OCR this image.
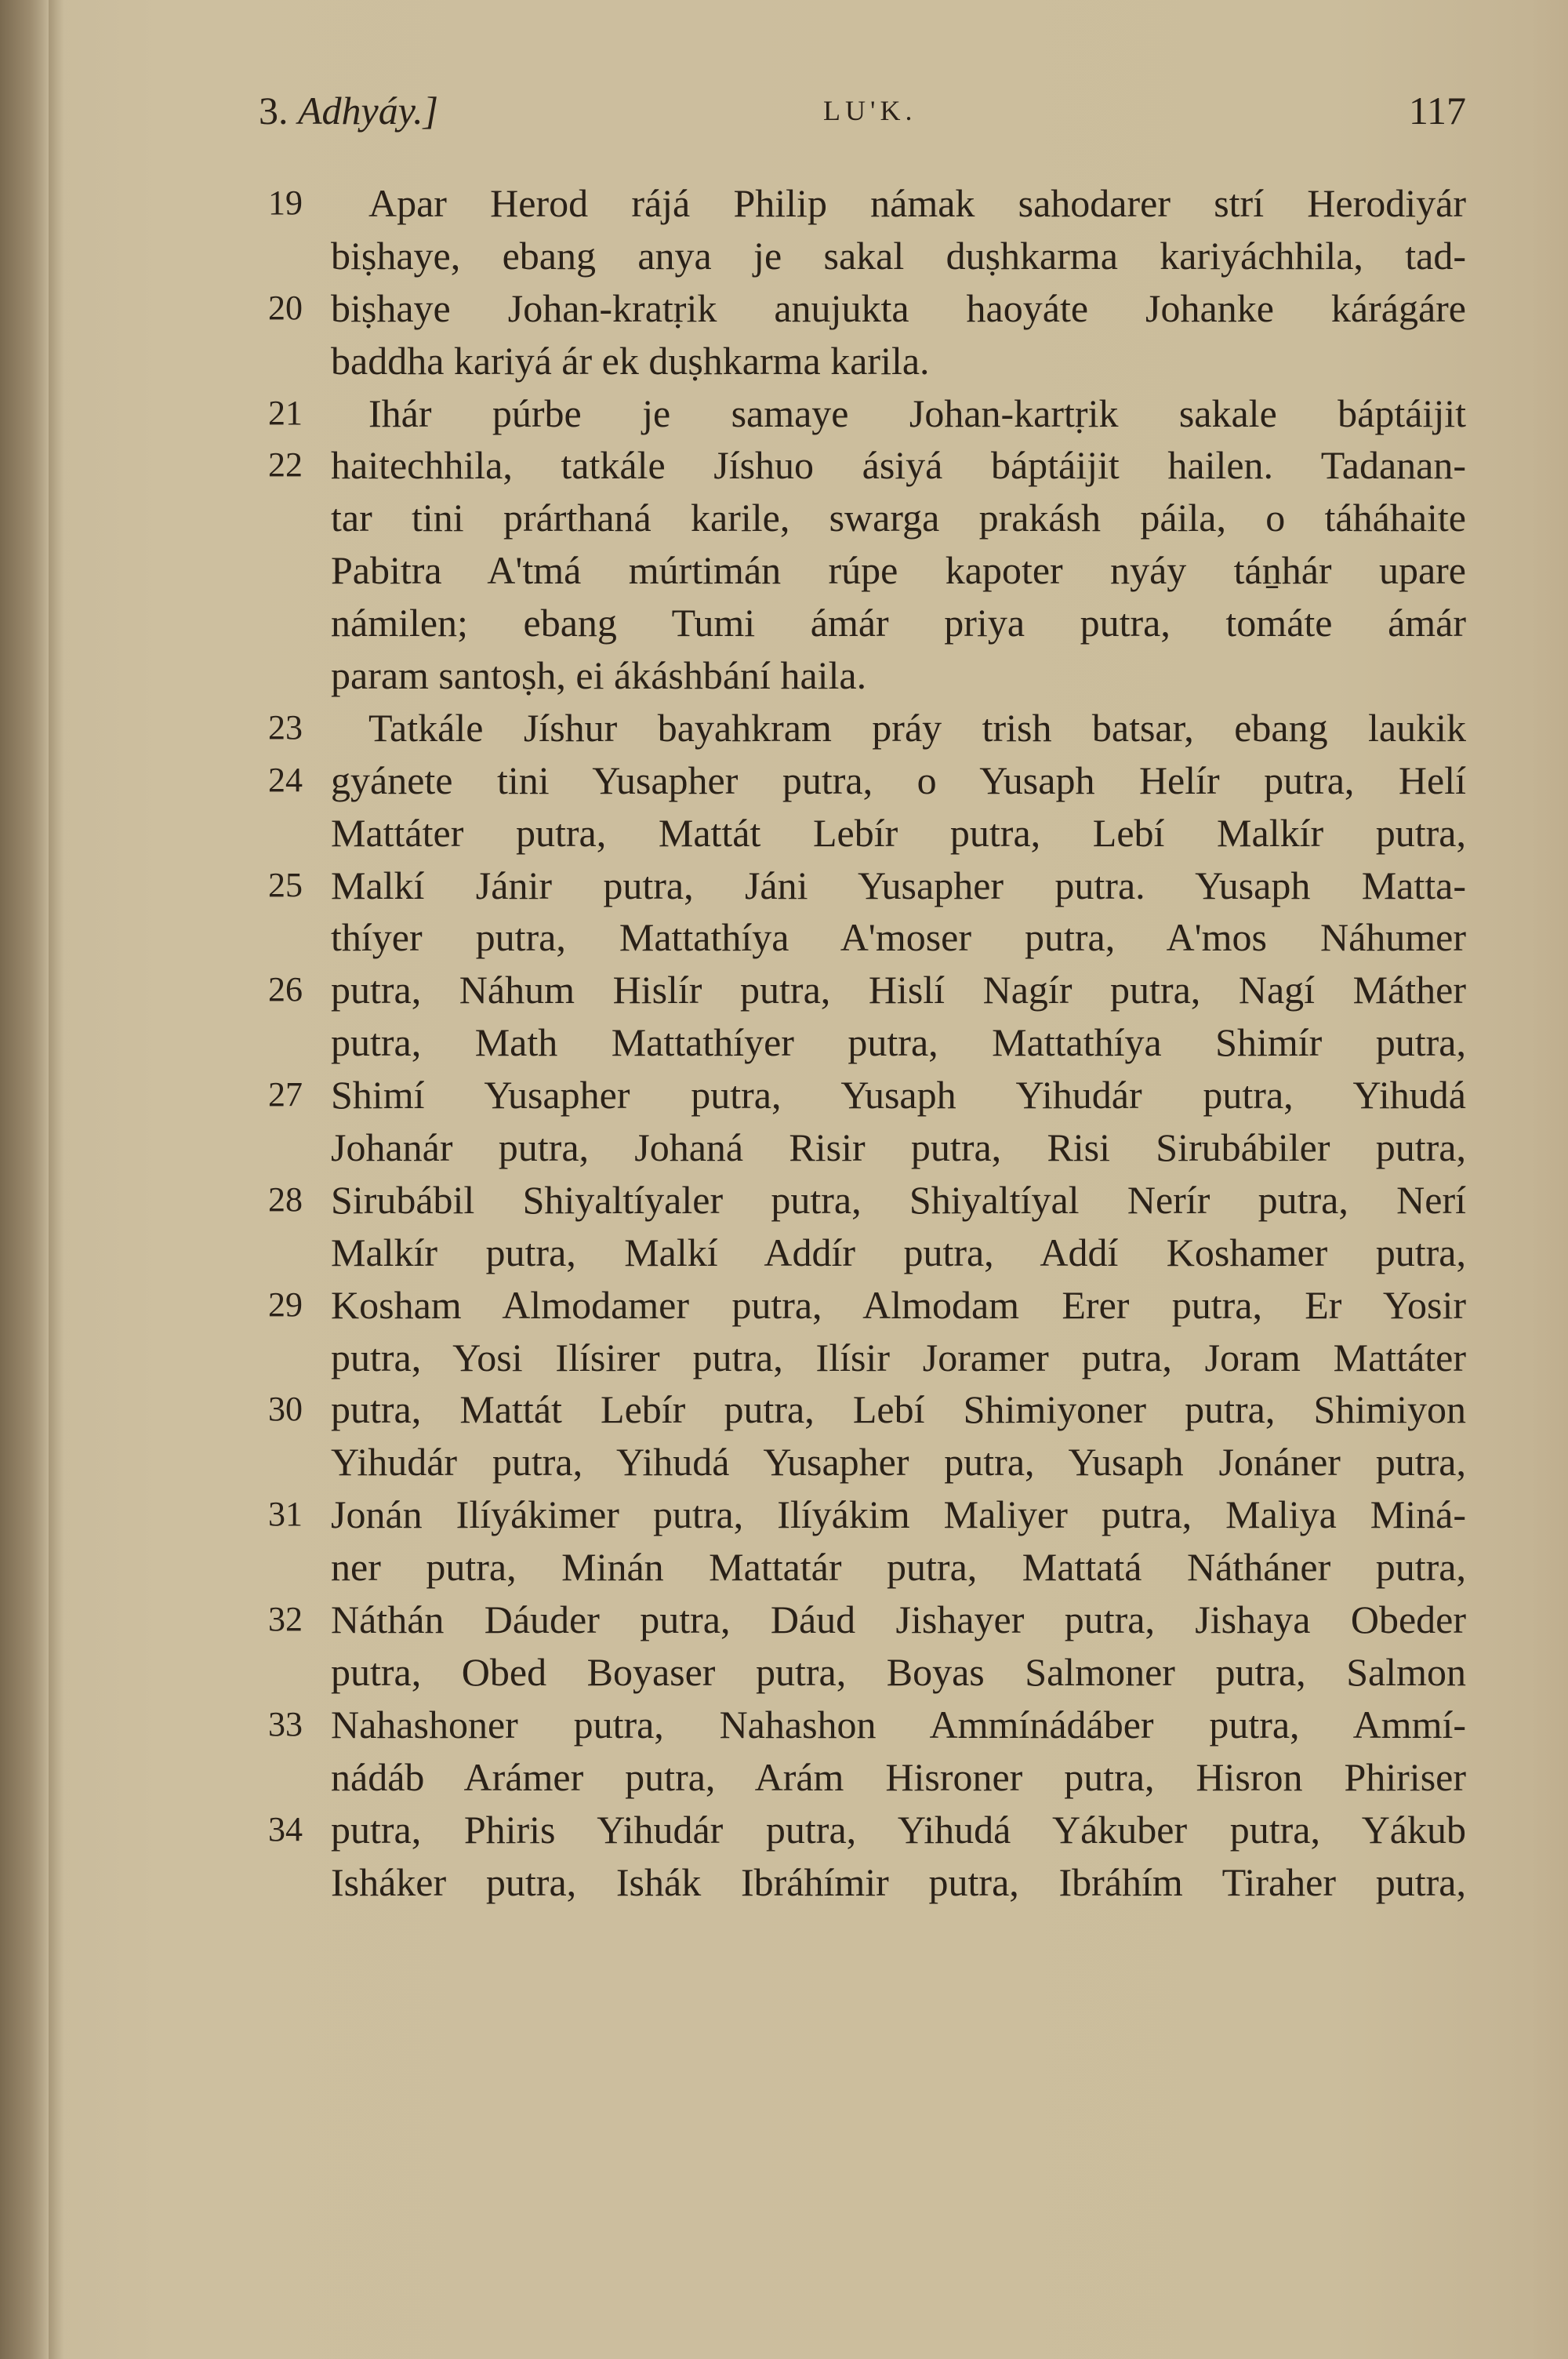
3. Adhyáy.]	LU'K.	117
19	Apar Herod rájá Philip námak sahodarer strí Herodiyár
biṣhaye, ebang anya je sakal duṣhkarma kariyáchhila, tad-
20 biṣhaye Johan-kratṛik anujukta haoyáte Johanke kárágáre
baddha kariyá ár ek duṣhkarma karila.
21	Ihár púrbe je samaye Johan-kartṛik sakale báptáijit
22 haitechhila, tatkále Jíshuo ásiyá báptáijit hailen. Tadanan-
tar tini prárthaná karile, swarga prakásh páila, o táháhaite
Pabitra A'tmá múrtimán rúpe kapoter nyáy táṉhár upare
námilen; ebang Tumi ámár priya putra, tomáte ámár
param santoṣh, ei ákáshbání haila.
23	Tatkále Jíshur bayahkram práy trish batsar, ebang laukik
24 gyánete tini Yusapher putra, o Yusaph Helír putra, Helí
Mattáter putra, Mattát Lebír putra, Lebí Malkír putra,
25 Malkí Jánir putra, Jáni Yusapher putra. Yusaph Matta-
thíyer putra, Mattathíya A'moser putra, A'mos Náhumer
26 putra, Náhum Hislír putra, Hislí Nagír putra, Nagí Máther
putra, Math Mattathíyer putra, Mattathíya Shimír putra,
27 Shimí Yusapher putra, Yusaph Yihudár putra, Yihudá
Johanár putra, Johaná Risir putra, Risi Sirubábiler putra,
28 Sirubábil Shiyaltíyaler putra, Shiyaltíyal Nerír putra, Nerí
Malkír putra, Malkí Addír putra, Addí Koshamer putra,
29 Kosham Almodamer putra, Almodam Erer putra, Er Yosir
putra, Yosi Ilísirer putra, Ilísir Joramer putra, Joram Mattáter
30 putra, Mattát Lebír putra, Lebí Shimiyoner putra, Shimiyon
Yihudár putra, Yihudá Yusapher putra, Yusaph Jonáner putra,
31 Jonán Ilíyákimer putra, Ilíyákim Maliyer putra, Maliya Miná-
ner putra, Minán Mattatár putra, Mattatá Nátháner putra,
32 Náthán Dáuder putra, Dáud Jishayer putra, Jishaya Obeder
putra, Obed Boyaser putra, Boyas Salmoner putra, Salmon
33 Nahashoner putra, Nahashon Ammínádáber putra, Ammí-
nádáb Arámer putra, Arám Hisroner putra, Hisron Phiriser
34 putra, Phiris Yihudár putra, Yihudá Yákuber putra, Yákub
Isháker putra, Ishák Ibráhímir putra, Ibráhím Tiraher putra,
